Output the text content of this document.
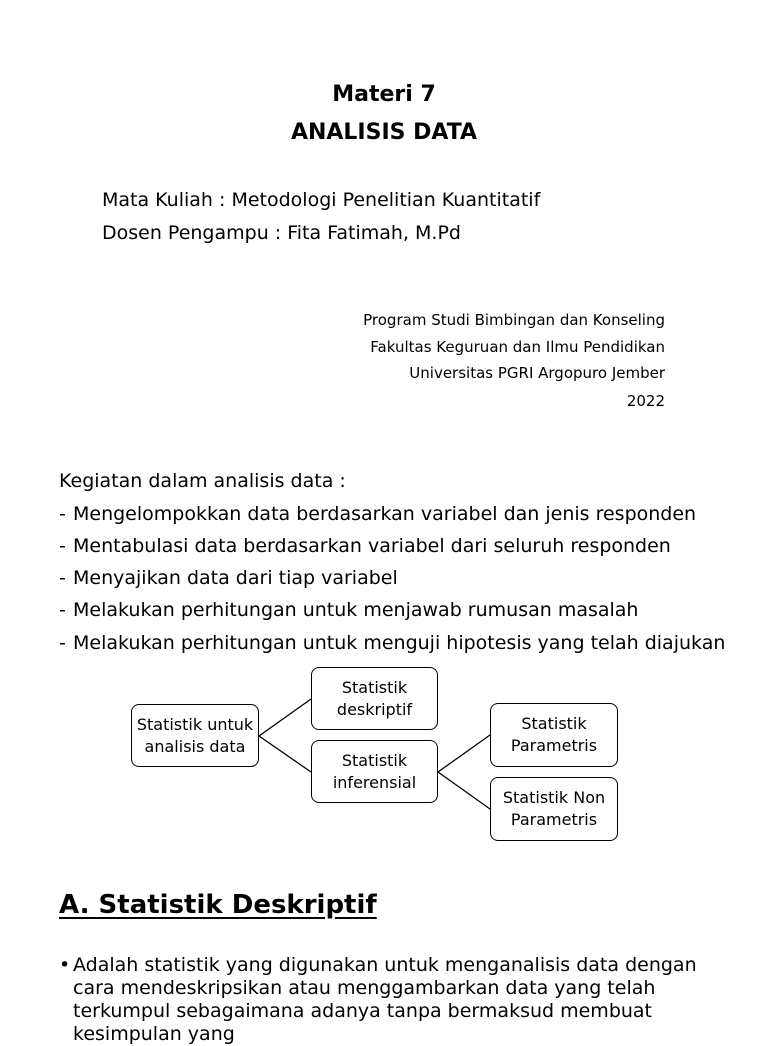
Materi 7
ANALISIS DATA
Mata Kuliah : Metodologi Penelitian Kuantitatif
Dosen Pengampu : Fita Fatimah, M.Pd
Program Studi Bimbingan dan Konseling
Fakultas Keguruan dan Ilmu Pendidikan
Universitas PGRI Argopuro Jember
2022
Kegiatan dalam analisis data :
- Mengelompokkan data berdasarkan variabel dan jenis responden
- Mentabulasi data berdasarkan variabel dari seluruh responden
- Menyajikan data dari tiap variabel
- Melakukan perhitungan untuk menjawab rumusan masalah
- Melakukan perhitungan untuk menguji hipotesis yang telah diajukan
Statistik untuk
analisis data
Statistik
deskriptif
Statistik
inferensial
Statistik
Parametris
Statistik Non
Parametris
A. Statistik Deskriptif
• Adalah statistik yang digunakan untuk menganalisis data dengan cara mendeskripsikan atau menggambarkan data yang telah terkumpul sebagaimana adanya tanpa bermaksud membuat kesimpulan yang
